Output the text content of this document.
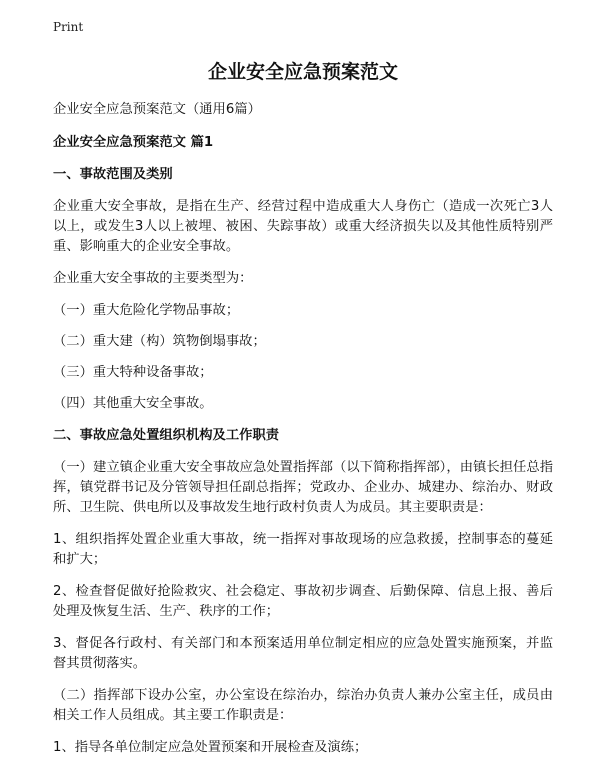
Print
企业安全应急预案范文

企业安全应急预案范文（通用6篇）

企业安全应急预案范文 篇1

一、事故范围及类别

企业重大安全事故，是指在生产、经营过程中造成重大人身伤亡（造成一次死亡3人以上，或发生3人以上被埋、被困、失踪事故）或重大经济损失以及其他性质特别严重、影响重大的企业安全事故。

企业重大安全事故的主要类型为：

（一）重大危险化学物品事故；

（二）重大建（构）筑物倒塌事故；

（三）重大特种设备事故；

（四）其他重大安全事故。

二、事故应急处置组织机构及工作职责

（一）建立镇企业重大安全事故应急处置指挥部（以下简称指挥部），由镇长担任总指挥，镇党群书记及分管领导担任副总指挥；党政办、企业办、城建办、综治办、财政所、卫生院、供电所以及事故发生地行政村负责人为成员。其主要职责是：

1、组织指挥处置企业重大事故，统一指挥对事故现场的应急救援，控制事态的蔓延和扩大；

2、检查督促做好抢险救灾、社会稳定、事故初步调查、后勤保障、信息上报、善后处理及恢复生活、生产、秩序的工作；

3、督促各行政村、有关部门和本预案适用单位制定相应的应急处置实施预案，并监督其贯彻落实。

（二）指挥部下设办公室，办公室设在综治办，综治办负责人兼办公室主任，成员由相关工作人员组成。其主要工作职责是：

1、指导各单位制定应急处置预案和开展检查及演练；
